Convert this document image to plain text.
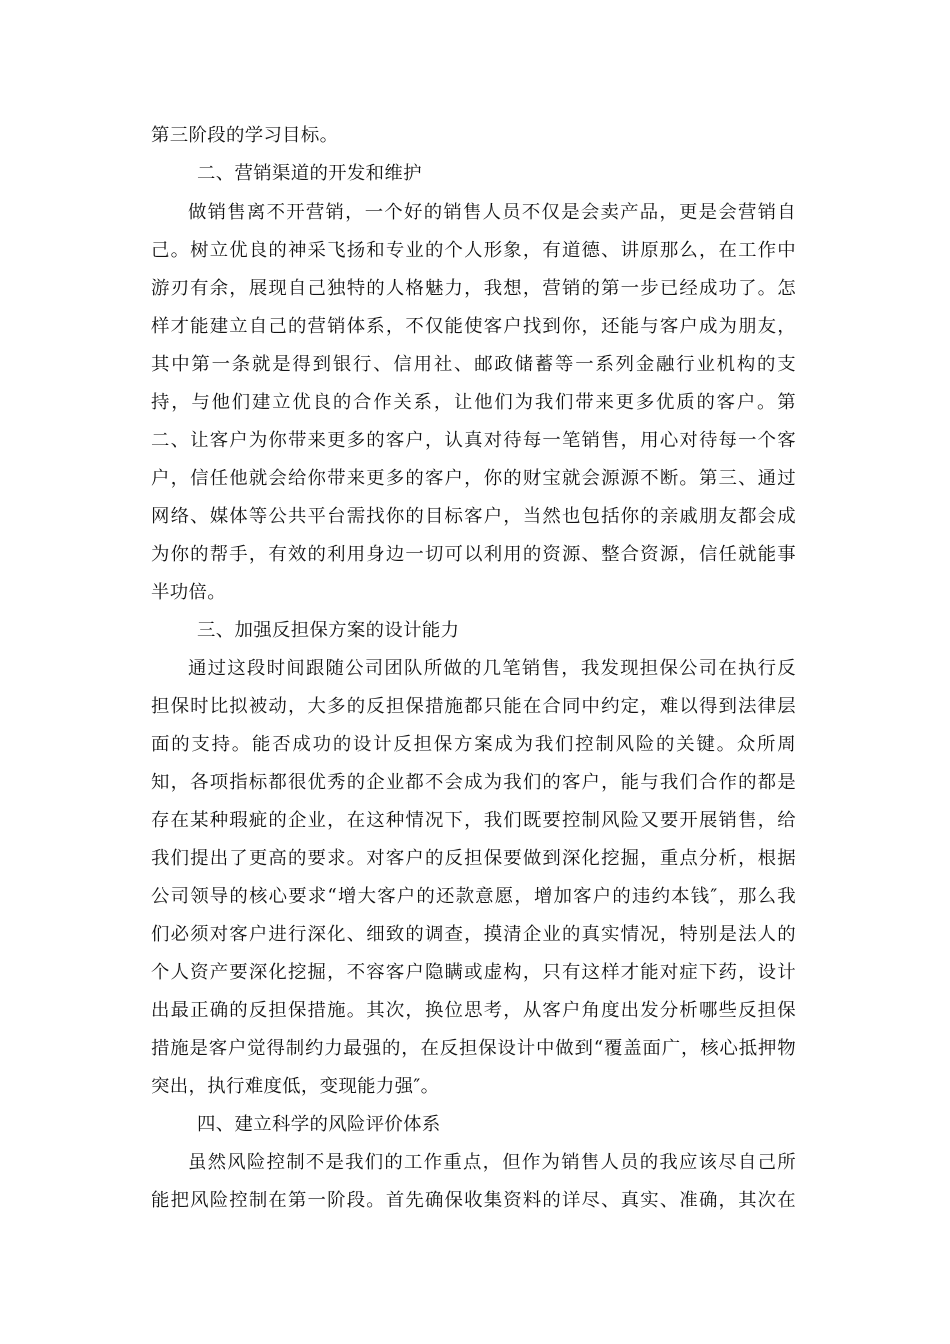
第三阶段的学习目标。
二、营销渠道的开发和维护
做销售离不开营销，一个好的销售人员不仅是会卖产品，更是会营销自
己。树立优良的神采飞扬和专业的个人形象，有道德、讲原那么，在工作中
游刃有余，展现自己独特的人格魅力，我想，营销的第一步已经成功了。怎
样才能建立自己的营销体系，不仅能使客户找到你，还能与客户成为朋友，
其中第一条就是得到银行、信用社、邮政储蓄等一系列金融行业机构的支
持，与他们建立优良的合作关系，让他们为我们带来更多优质的客户。第
二、让客户为你带来更多的客户，认真对待每一笔销售，用心对待每一个客
户，信任他就会给你带来更多的客户，你的财宝就会源源不断。第三、通过
网络、媒体等公共平台需找你的目标客户，当然也包括你的亲戚朋友都会成
为你的帮手，有效的利用身边一切可以利用的资源、整合资源，信任就能事
半功倍。
三、加强反担保方案的设计能力
通过这段时间跟随公司团队所做的几笔销售，我发现担保公司在执行反
担保时比拟被动，大多的反担保措施都只能在合同中约定，难以得到法律层
面的支持。能否成功的设计反担保方案成为我们控制风险的关键。众所周
知，各项指标都很优秀的企业都不会成为我们的客户，能与我们合作的都是
存在某种瑕疵的企业，在这种情况下，我们既要控制风险又要开展销售，给
我们提出了更高的要求。对客户的反担保要做到深化挖掘，重点分析，根据
公司领导的核心要求“增大客户的还款意愿，增加客户的违约本钱″，那么我
们必须对客户进行深化、细致的调查，摸清企业的真实情况，特别是法人的
个人资产要深化挖掘，不容客户隐瞒或虚构，只有这样才能对症下药，设计
出最正确的反担保措施。其次，换位思考，从客户角度出发分析哪些反担保
措施是客户觉得制约力最强的，在反担保设计中做到“覆盖面广，核心抵押物
突出，执行难度低，变现能力强″。
四、建立科学的风险评价体系
虽然风险控制不是我们的工作重点，但作为销售人员的我应该尽自己所
能把风险控制在第一阶段。首先确保收集资料的详尽、真实、准确，其次在
